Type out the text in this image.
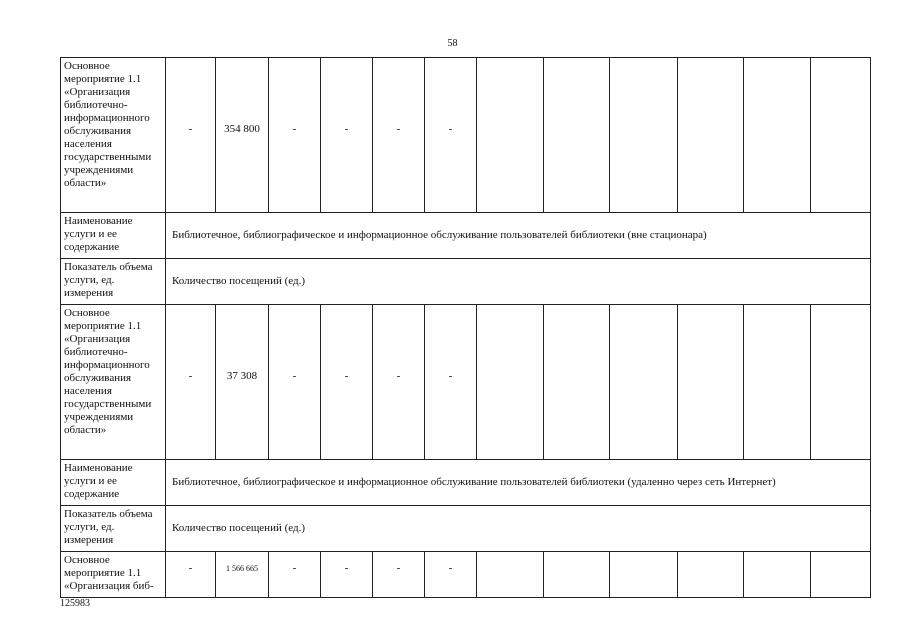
58
Основное мероприятие 1.1 «Организация библиотечно-информационного обслуживания населения государственными учреждениями области»	-	354 800	-	-	-	-						

Наименование услуги и ее содержание	Библиотечное, библиографическое и информационное обслуживание пользователей библиотеки (вне стационара)											
Показатель объема услуги, ед. измерения	Количество посещений (ед.)											
Основное мероприятие 1.1 «Организация библиотечно-информационного обслуживания населения государственными учреждениями области»	-	37 308	-	-	-	-						

Наименование услуги и ее содержание	Библиотечное, библиографическое и информационное обслуживание пользователей библиотеки (удаленно через сеть Интернет)											
Показатель объема услуги, ед. измерения	Количество посещений (ед.)											
Основное мероприятие 1.1 «Организация биб-	-	1 566 665	-	-	-	-						

125983
